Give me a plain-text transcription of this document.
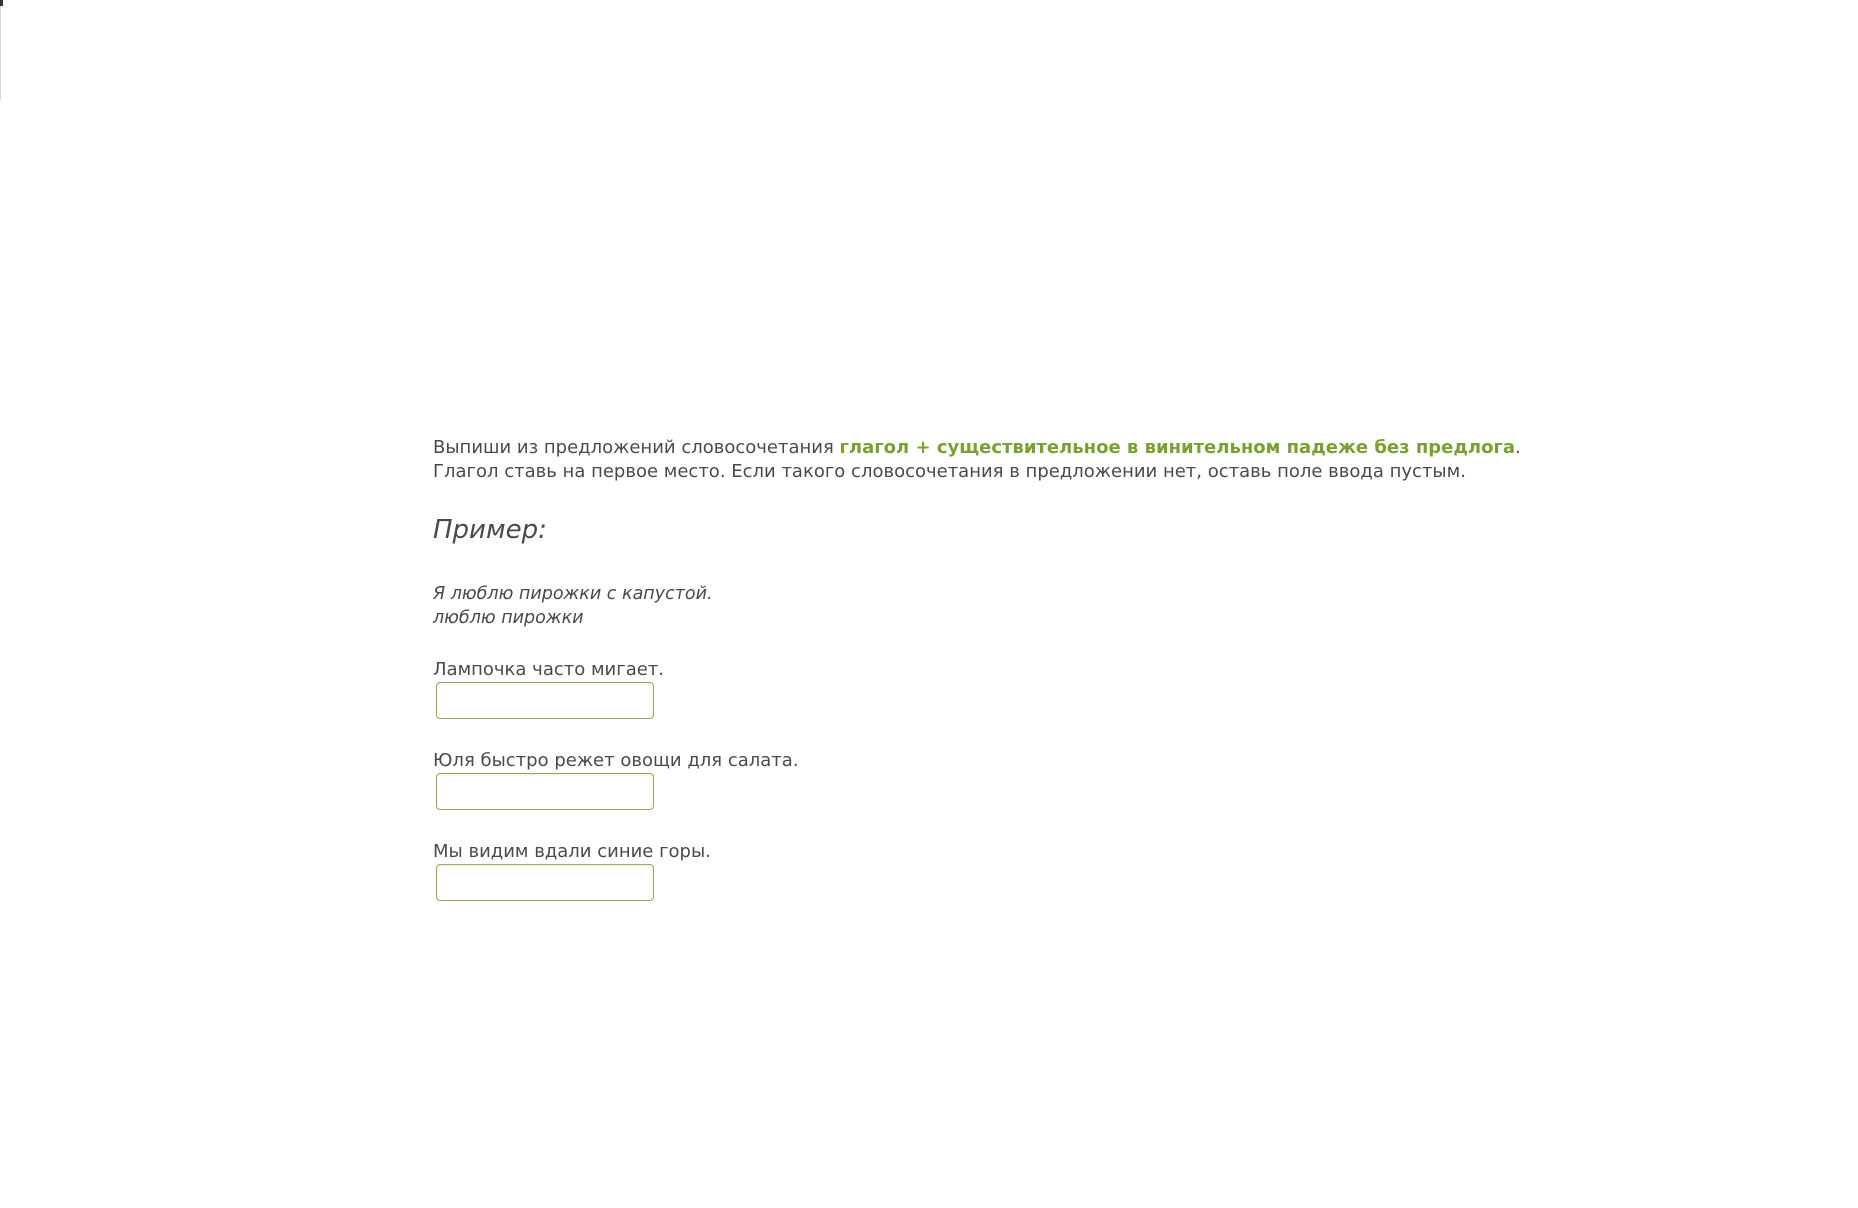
Выпиши из предложений словосочетания глагол + существительное в винительном падеже без предлога.
Глагол ставь на первое место. Если такого словосочетания в предложении нет, оставь поле ввода пустым.

Пример:
Я люблю пирожки с капустой.
люблю пирожки
Лампочка часто мигает.
Юля быстро режет овощи для салата.
Мы видим вдали синие горы.
